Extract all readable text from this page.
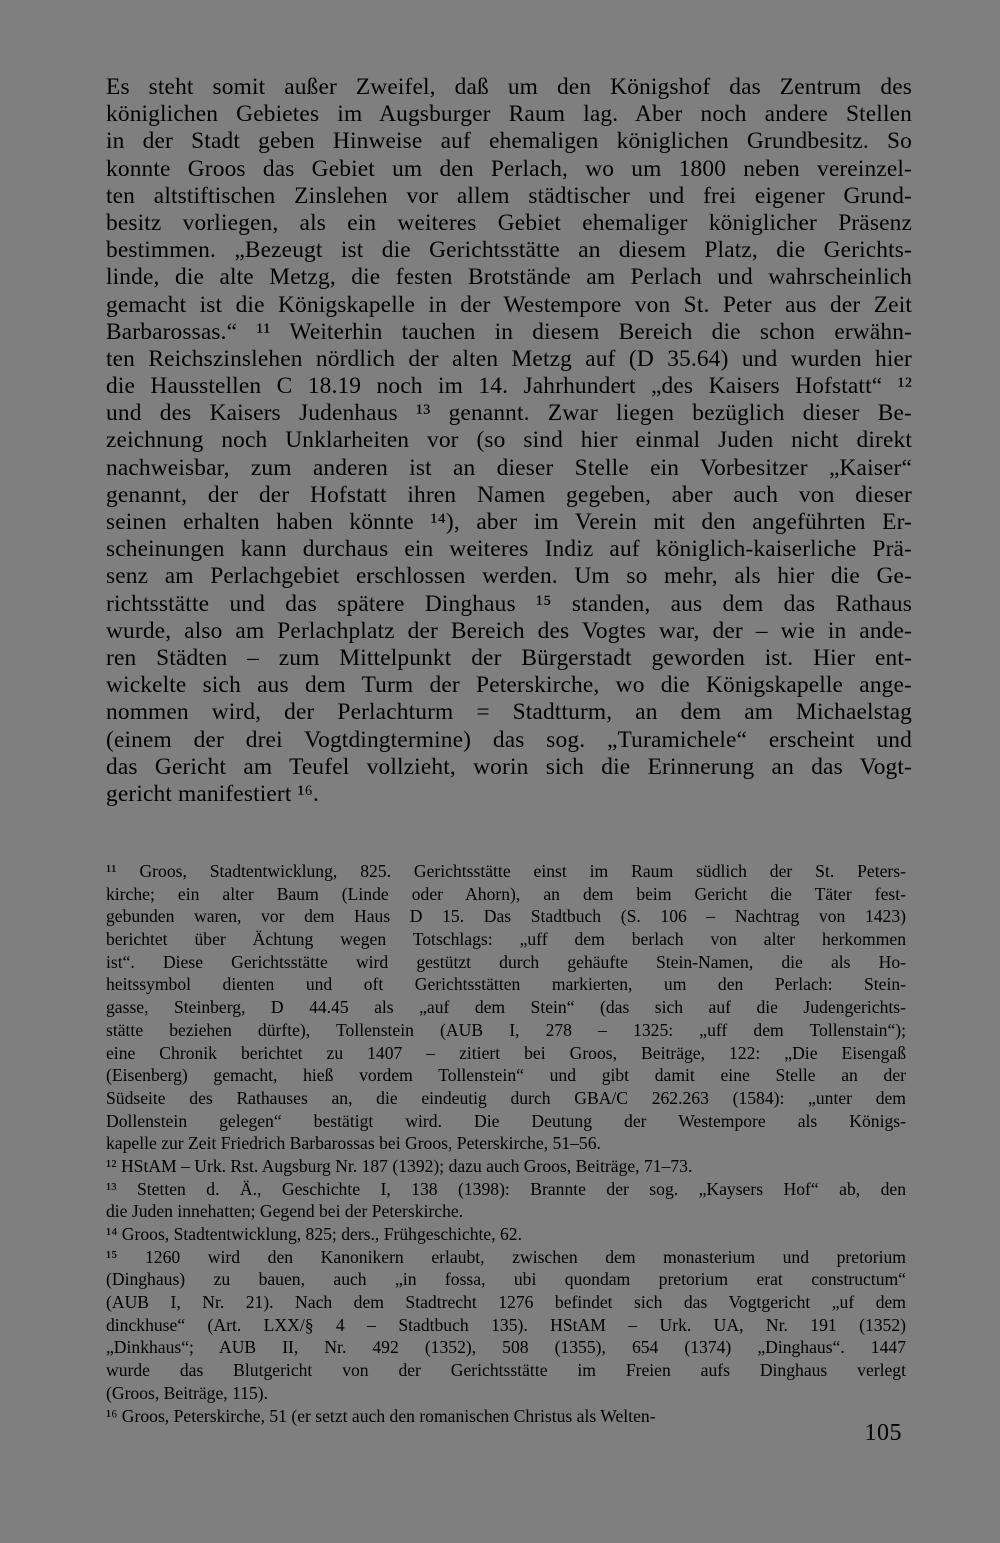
Es steht somit außer Zweifel, daß um den Königshof das Zentrum des
königlichen Gebietes im Augsburger Raum lag. Aber noch andere Stellen
in der Stadt geben Hinweise auf ehemaligen königlichen Grundbesitz. So
konnte Groos das Gebiet um den Perlach, wo um 1800 neben vereinzel-
ten altstiftischen Zinslehen vor allem städtischer und frei eigener Grund-
besitz vorliegen, als ein weiteres Gebiet ehemaliger königlicher Präsenz
bestimmen. „Bezeugt ist die Gerichtsstätte an diesem Platz, die Gerichts-
linde, die alte Metzg, die festen Brotstände am Perlach und wahrscheinlich
gemacht ist die Königskapelle in der Westempore von St. Peter aus der Zeit
Barbarossas.“ ¹¹ Weiterhin tauchen in diesem Bereich die schon erwähn-
ten Reichszinslehen nördlich der alten Metzg auf (D 35.64) und wurden hier
die Hausstellen C 18.19 noch im 14. Jahrhundert „des Kaisers Hofstatt“ ¹²
und des Kaisers Judenhaus ¹³ genannt. Zwar liegen bezüglich dieser Be-
zeichnung noch Unklarheiten vor (so sind hier einmal Juden nicht direkt
nachweisbar, zum anderen ist an dieser Stelle ein Vorbesitzer „Kaiser“
genannt, der der Hofstatt ihren Namen gegeben, aber auch von dieser
seinen erhalten haben könnte ¹⁴), aber im Verein mit den angeführten Er-
scheinungen kann durchaus ein weiteres Indiz auf königlich-kaiserliche Prä-
senz am Perlachgebiet erschlossen werden. Um so mehr, als hier die Ge-
richtsstätte und das spätere Dinghaus ¹⁵ standen, aus dem das Rathaus
wurde, also am Perlachplatz der Bereich des Vogtes war, der – wie in ande-
ren Städten – zum Mittelpunkt der Bürgerstadt geworden ist. Hier ent-
wickelte sich aus dem Turm der Peterskirche, wo die Königskapelle ange-
nommen wird, der Perlachturm = Stadtturm, an dem am Michaelstag
(einem der drei Vogtdingtermine) das sog. „Turamichele“ erscheint und
das Gericht am Teufel vollzieht, worin sich die Erinnerung an das Vogt-
gericht manifestiert ¹⁶.
¹¹ Groos, Stadtentwicklung, 825. Gerichtsstätte einst im Raum südlich der St. Peters-
kirche; ein alter Baum (Linde oder Ahorn), an dem beim Gericht die Täter fest-
gebunden waren, vor dem Haus D 15. Das Stadtbuch (S. 106 – Nachtrag von 1423)
berichtet über Ächtung wegen Totschlags: „uff dem berlach von alter herkommen
ist“. Diese Gerichtsstätte wird gestützt durch gehäufte Stein-Namen, die als Ho-
heitssymbol dienten und oft Gerichtsstätten markierten, um den Perlach: Stein-
gasse, Steinberg, D 44.45 als „auf dem Stein“ (das sich auf die Judengerichts-
stätte beziehen dürfte), Tollenstein (AUB I, 278 – 1325: „uff dem Tollenstain“);
eine Chronik berichtet zu 1407 – zitiert bei Groos, Beiträge, 122: „Die Eisengaß
(Eisenberg) gemacht, hieß vordem Tollenstein“ und gibt damit eine Stelle an der
Südseite des Rathauses an, die eindeutig durch GBA/C 262.263 (1584): „unter dem
Dollenstein gelegen“ bestätigt wird. Die Deutung der Westempore als Königs-
kapelle zur Zeit Friedrich Barbarossas bei Groos, Peterskirche, 51–56.
¹² HStAM – Urk. Rst. Augsburg Nr. 187 (1392); dazu auch Groos, Beiträge, 71–73.
¹³ Stetten d. Ä., Geschichte I, 138 (1398): Brannte der sog. „Kaysers Hof“ ab, den
die Juden innehatten; Gegend bei der Peterskirche.
¹⁴ Groos, Stadtentwicklung, 825; ders., Frühgeschichte, 62.
¹⁵ 1260 wird den Kanonikern erlaubt, zwischen dem monasterium und pretorium
(Dinghaus) zu bauen, auch „in fossa, ubi quondam pretorium erat constructum“
(AUB I, Nr. 21). Nach dem Stadtrecht 1276 befindet sich das Vogtgericht „uf dem
dinckhuse“ (Art. LXX/§ 4 – Stadtbuch 135). HStAM – Urk. UA, Nr. 191 (1352)
„Dinkhaus“; AUB II, Nr. 492 (1352), 508 (1355), 654 (1374) „Dinghaus“. 1447
wurde das Blutgericht von der Gerichtsstätte im Freien aufs Dinghaus verlegt
(Groos, Beiträge, 115).
¹⁶ Groos, Peterskirche, 51 (er setzt auch den romanischen Christus als Welten-
105
